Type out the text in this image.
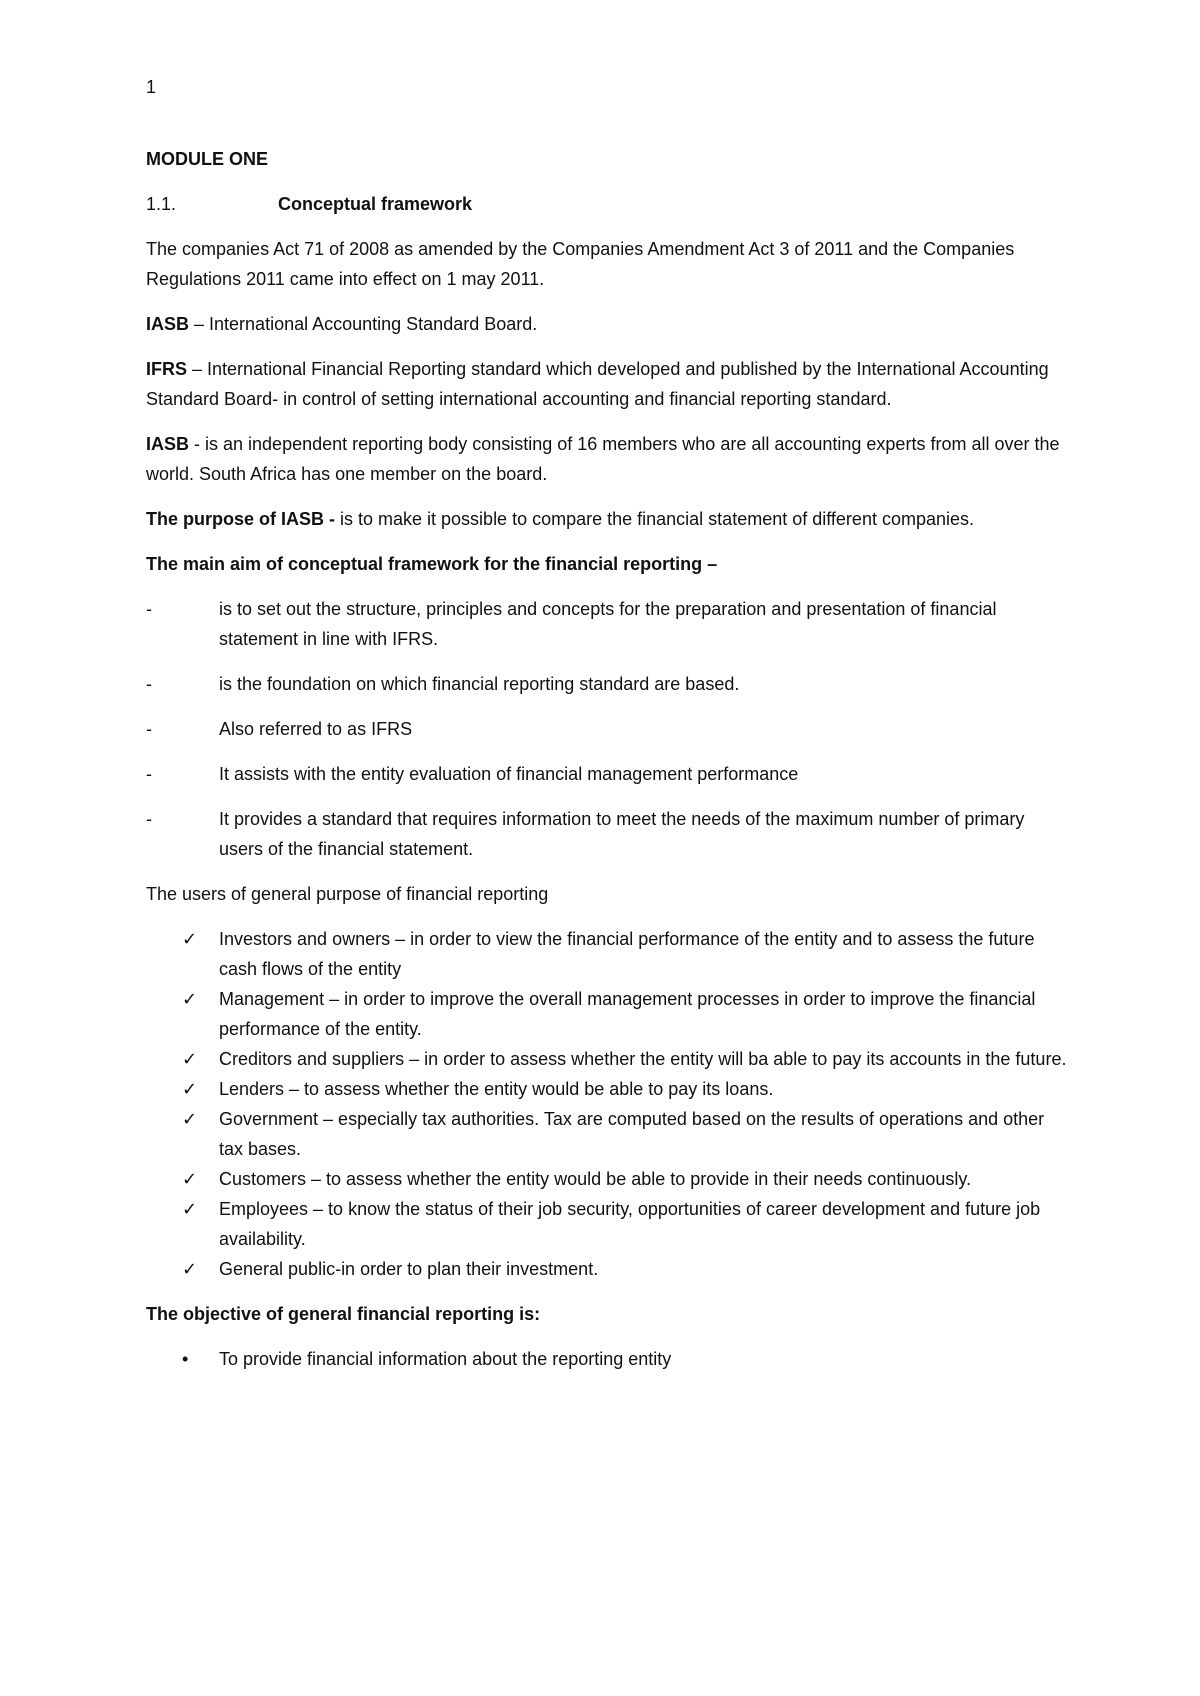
1
MODULE ONE
1.1.	Conceptual framework

The companies Act 71 of 2008 as amended by the Companies Amendment Act 3 of 2011 and the Companies Regulations 2011 came into effect on 1 may 2011.

IASB – International Accounting Standard Board.

IFRS – International Financial Reporting standard which developed and published by the International Accounting Standard Board- in control of setting international accounting and financial reporting standard.

IASB - is an independent reporting body consisting of 16 members who are all accounting experts from all over the world. South Africa has one member on the board.

The purpose of IASB - is to make it possible to compare the financial statement of different companies.

The main aim of conceptual framework for the financial reporting –
-	is to set out the structure, principles and concepts for the preparation and presentation of financial statement in line with IFRS.
-	is the foundation on which financial reporting standard are based.
-	Also referred to as IFRS
-	It assists with the entity evaluation of financial management performance
-	It provides a standard that requires information to meet the needs of the maximum number of primary users of the financial statement.

The users of general purpose of financial reporting

✓	Investors and owners – in order to view the financial performance of the entity and to assess the future cash flows of the entity
✓	Management – in order to improve the overall management processes in order to improve the financial performance of the entity.
✓	Creditors and suppliers – in order to assess whether the entity will ba able to pay its accounts in the future.
✓	Lenders – to assess whether the entity would be able to pay its loans.
✓	Government – especially tax authorities. Tax are computed based on the results of operations and other tax bases.
✓	Customers – to assess whether the entity would be able to provide in their needs continuously.
✓	Employees – to know the status of their job security, opportunities of career development and future job availability.
✓	General public-in order to plan their investment.
The objective of general financial reporting is:
•	To provide financial information about the reporting entity
